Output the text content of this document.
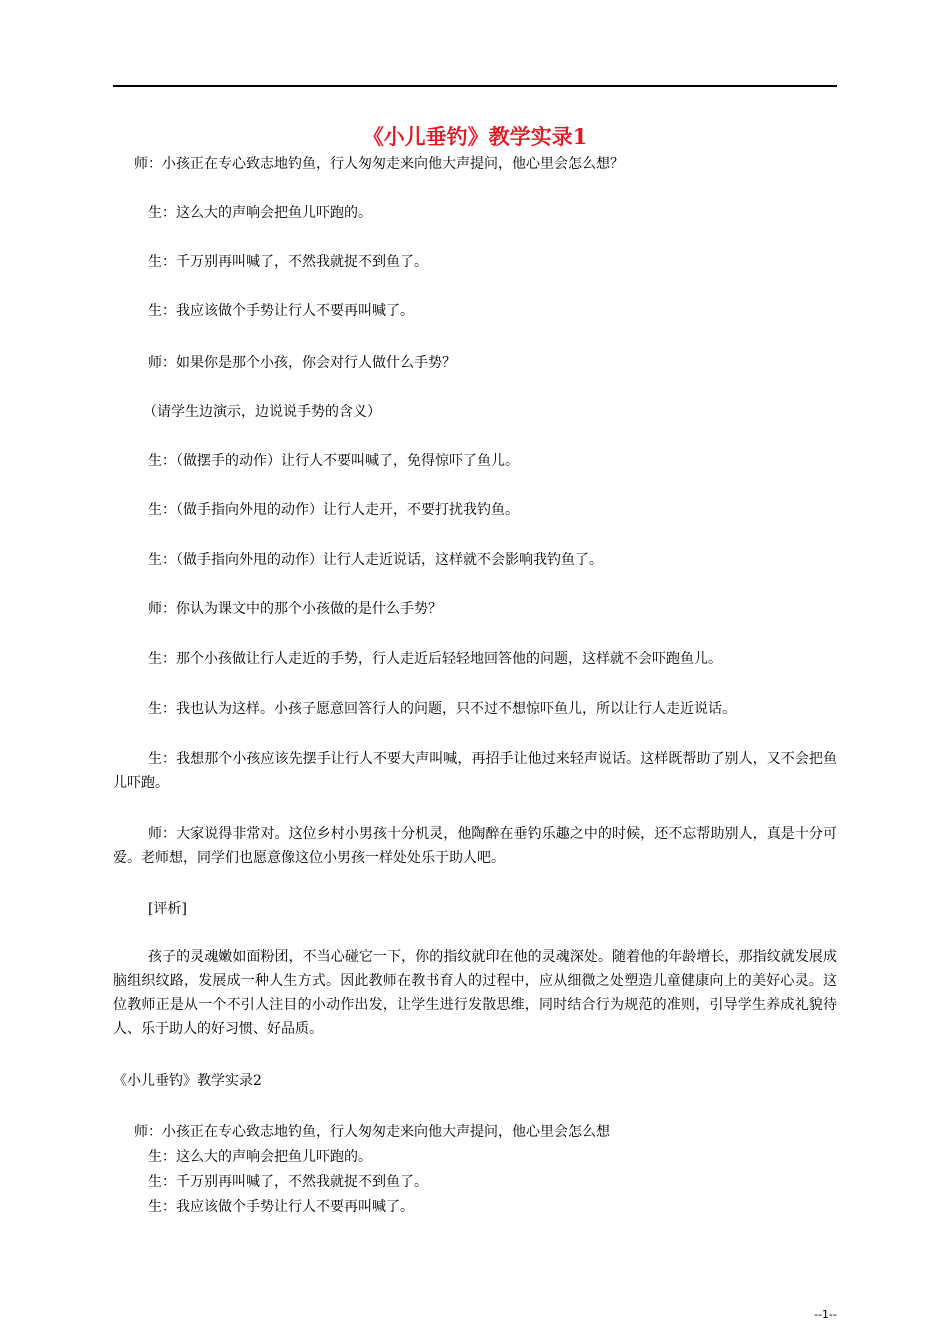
《小儿垂钓》教学实录1

师：小孩正在专心致志地钓鱼，行人匆匆走来向他大声提问，他心里会怎么想？

生：这么大的声响会把鱼儿吓跑的。

生：千万别再叫喊了，不然我就捉不到鱼了。

生：我应该做个手势让行人不要再叫喊了。

师：如果你是那个小孩，你会对行人做什么手势？

（请学生边演示，边说说手势的含义）

生：（做摆手的动作）让行人不要叫喊了，免得惊吓了鱼儿。

生：（做手指向外甩的动作）让行人走开，不要打扰我钓鱼。

生：（做手指向外甩的动作）让行人走近说话，这样就不会影响我钓鱼了。

师：你认为课文中的那个小孩做的是什么手势？

生：那个小孩做让行人走近的手势，行人走近后轻轻地回答他的问题，这样就不会吓跑鱼儿。

生：我也认为这样。小孩子愿意回答行人的问题，只不过不想惊吓鱼儿，所以让行人走近说话。

生：我想那个小孩应该先摆手让行人不要大声叫喊，再招手让他过来轻声说话。这样既帮助了别人，又不会把鱼儿吓跑。

师：大家说得非常对。这位乡村小男孩十分机灵，他陶醉在垂钓乐趣之中的时候，还不忘帮助别人，真是十分可爱。老师想，同学们也愿意像这位小男孩一样处处乐于助人吧。

[评析]

孩子的灵魂嫩如面粉团，不当心碰它一下，你的指纹就印在他的灵魂深处。随着他的年龄增长，那指纹就发展成脑组织纹路，发展成一种人生方式。因此教师在教书育人的过程中，应从细微之处塑造儿童健康向上的美好心灵。这位教师正是从一个不引人注目的小动作出发，让学生进行发散思维，同时结合行为规范的准则，引导学生养成礼貌待人、乐于助人的好习惯、好品质。

《小儿垂钓》教学实录2

师：小孩正在专心致志地钓鱼，行人匆匆走来向他大声提问，他心里会怎么想

生：这么大的声响会把鱼儿吓跑的。

生：千万别再叫喊了，不然我就捉不到鱼了。

生：我应该做个手势让行人不要再叫喊了。

--1--
